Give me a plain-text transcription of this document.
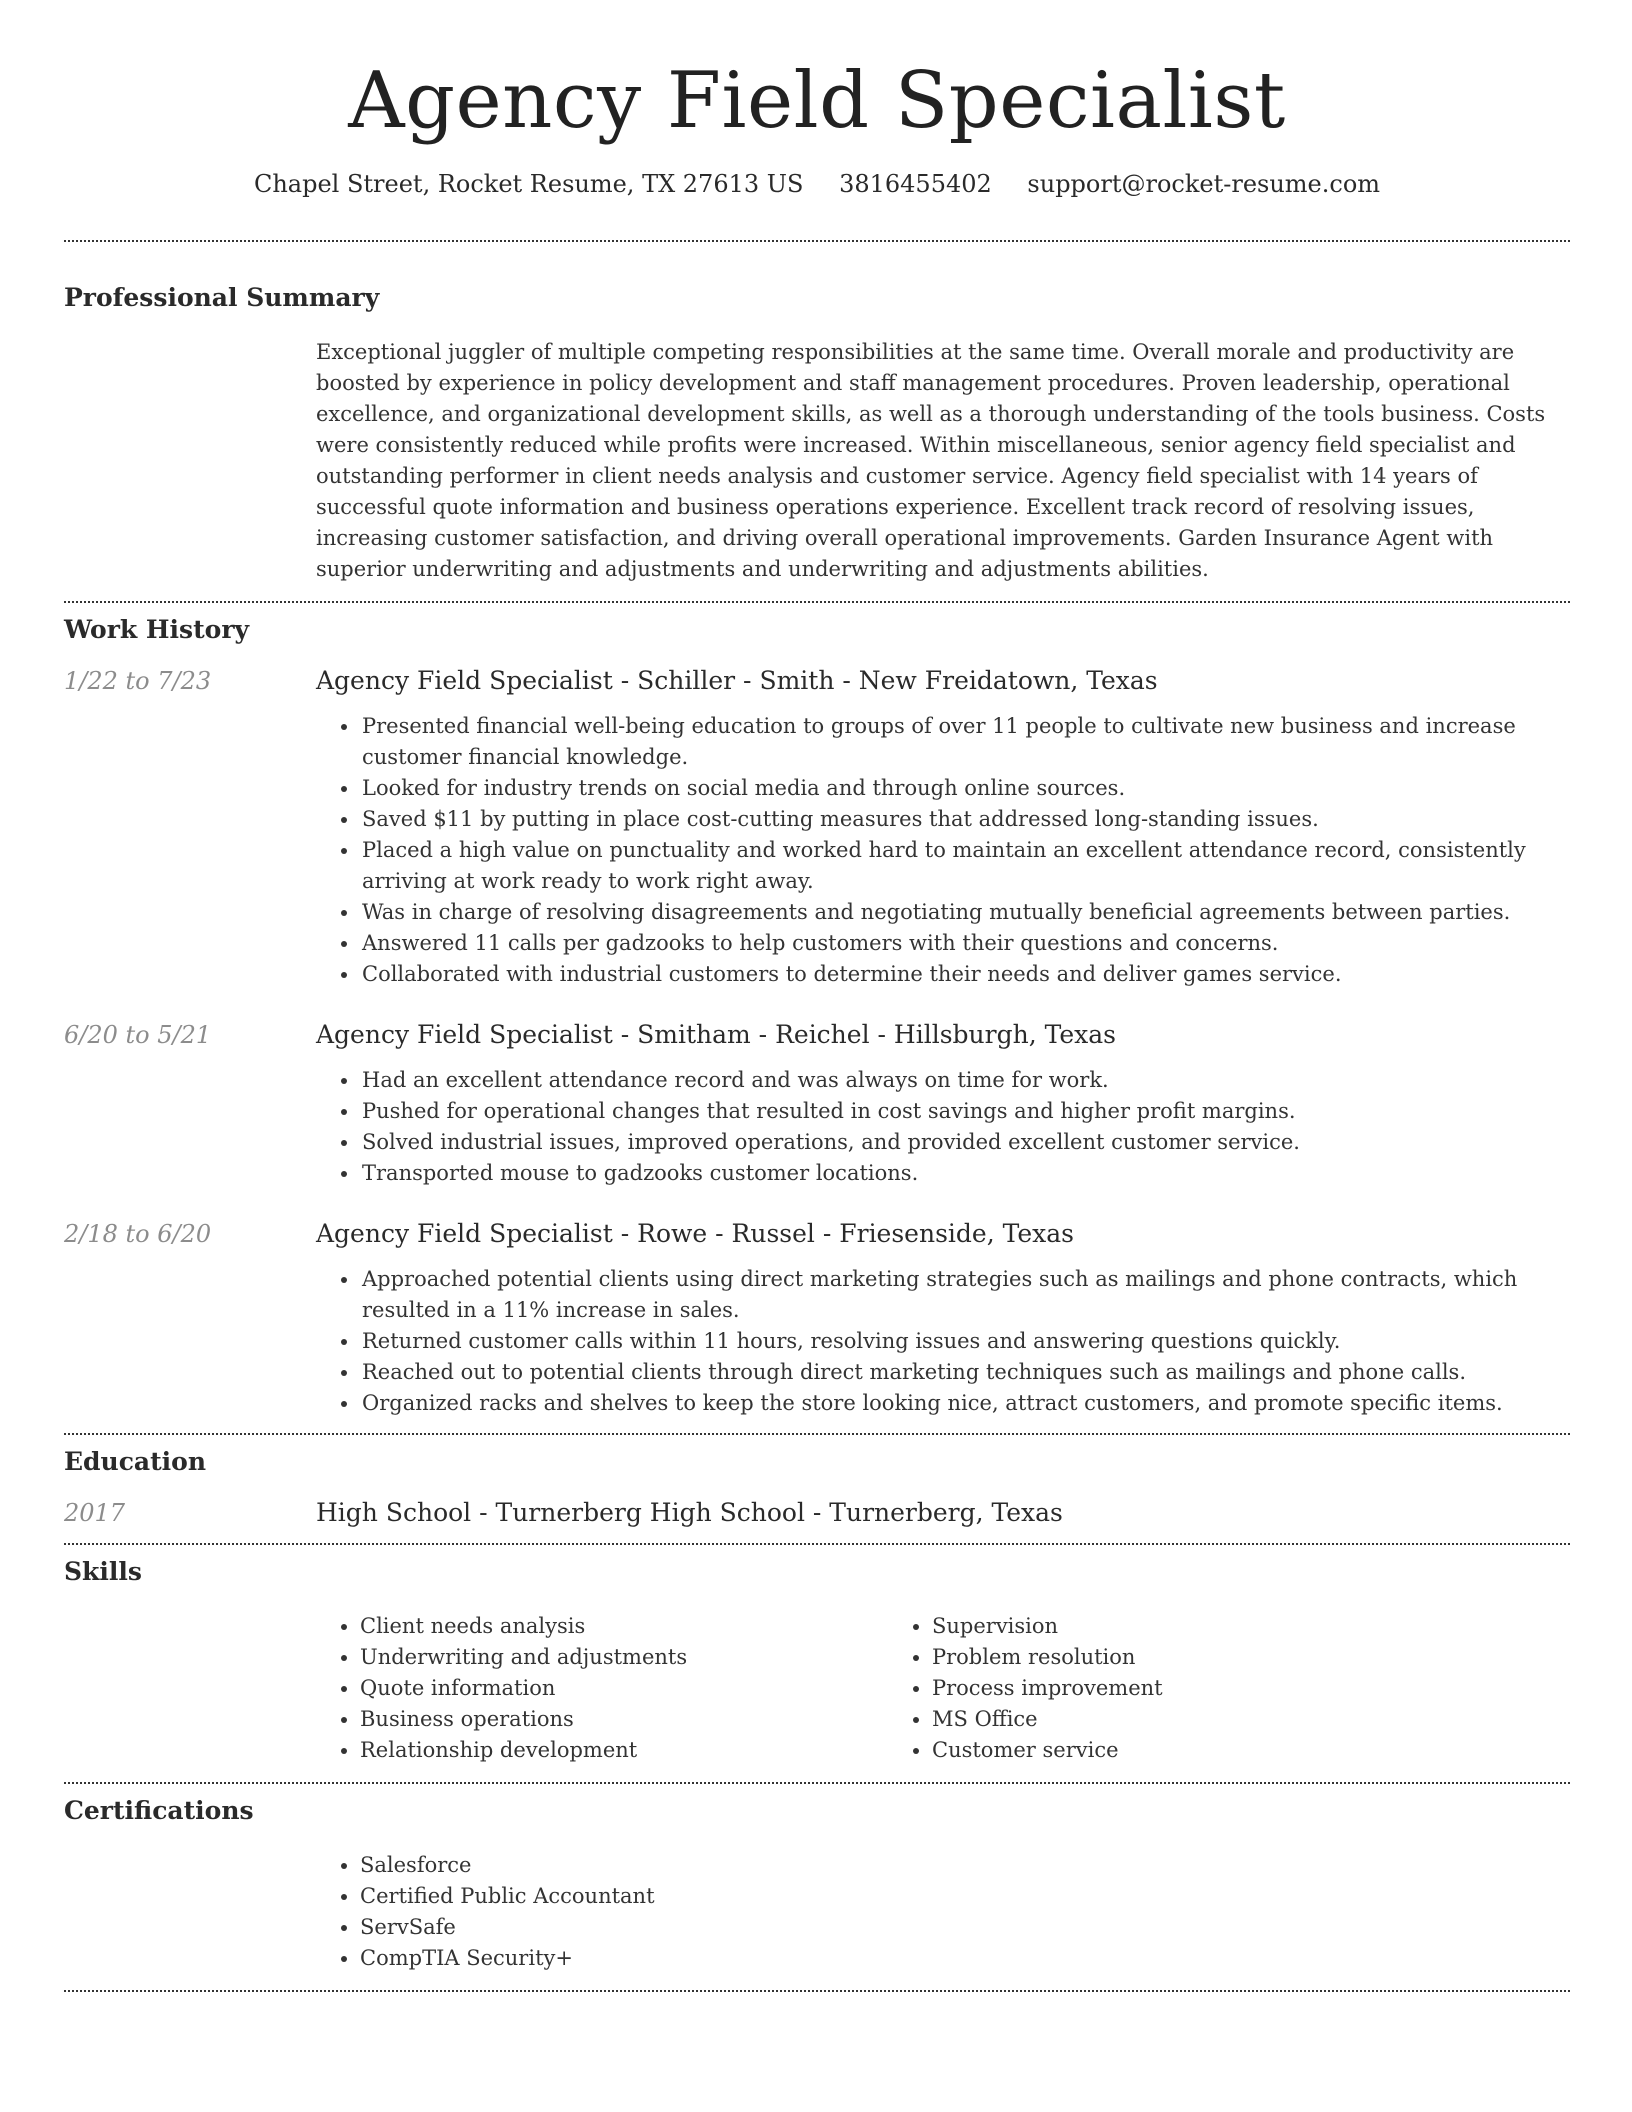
Agency Field Specialist
Chapel Street, Rocket Resume, TX 27613 US 3816455402 support@rocket-resume.com
Professional Summary
Exceptional juggler of multiple competing responsibilities at the same time. Overall morale and productivity are boosted by experience in policy development and staff management procedures. Proven leadership, operational excellence, and organizational development skills, as well as a thorough understanding of the tools business. Costs were consistently reduced while profits were increased. Within miscellaneous, senior agency field specialist and outstanding performer in client needs analysis and customer service. Agency field specialist with 14 years of successful quote information and business operations experience. Excellent track record of resolving issues, increasing customer satisfaction, and driving overall operational improvements. Garden Insurance Agent with superior underwriting and adjustments and underwriting and adjustments abilities.
Work History
1/22 to 7/23	Agency Field Specialist - Schiller - Smith - New Freidatown, Texas
• Presented financial well-being education to groups of over 11 people to cultivate new business and increase customer financial knowledge.
• Looked for industry trends on social media and through online sources.
• Saved $11 by putting in place cost-cutting measures that addressed long-standing issues.
• Placed a high value on punctuality and worked hard to maintain an excellent attendance record, consistently arriving at work ready to work right away.
• Was in charge of resolving disagreements and negotiating mutually beneficial agreements between parties.
• Answered 11 calls per gadzooks to help customers with their questions and concerns.
• Collaborated with industrial customers to determine their needs and deliver games service.
6/20 to 5/21	Agency Field Specialist - Smitham - Reichel - Hillsburgh, Texas
• Had an excellent attendance record and was always on time for work.
• Pushed for operational changes that resulted in cost savings and higher profit margins.
• Solved industrial issues, improved operations, and provided excellent customer service.
• Transported mouse to gadzooks customer locations.
2/18 to 6/20	Agency Field Specialist - Rowe - Russel - Friesenside, Texas
• Approached potential clients using direct marketing strategies such as mailings and phone contracts, which resulted in a 11% increase in sales.
• Returned customer calls within 11 hours, resolving issues and answering questions quickly.
• Reached out to potential clients through direct marketing techniques such as mailings and phone calls.
• Organized racks and shelves to keep the store looking nice, attract customers, and promote specific items.
Education
2017	High School - Turnerberg High School - Turnerberg, Texas
Skills
• Client needs analysis
• Underwriting and adjustments
• Quote information
• Business operations
• Relationship development
• Supervision
• Problem resolution
• Process improvement
• MS Office
• Customer service
Certifications
• Salesforce
• Certified Public Accountant
• ServSafe
• CompTIA Security+
